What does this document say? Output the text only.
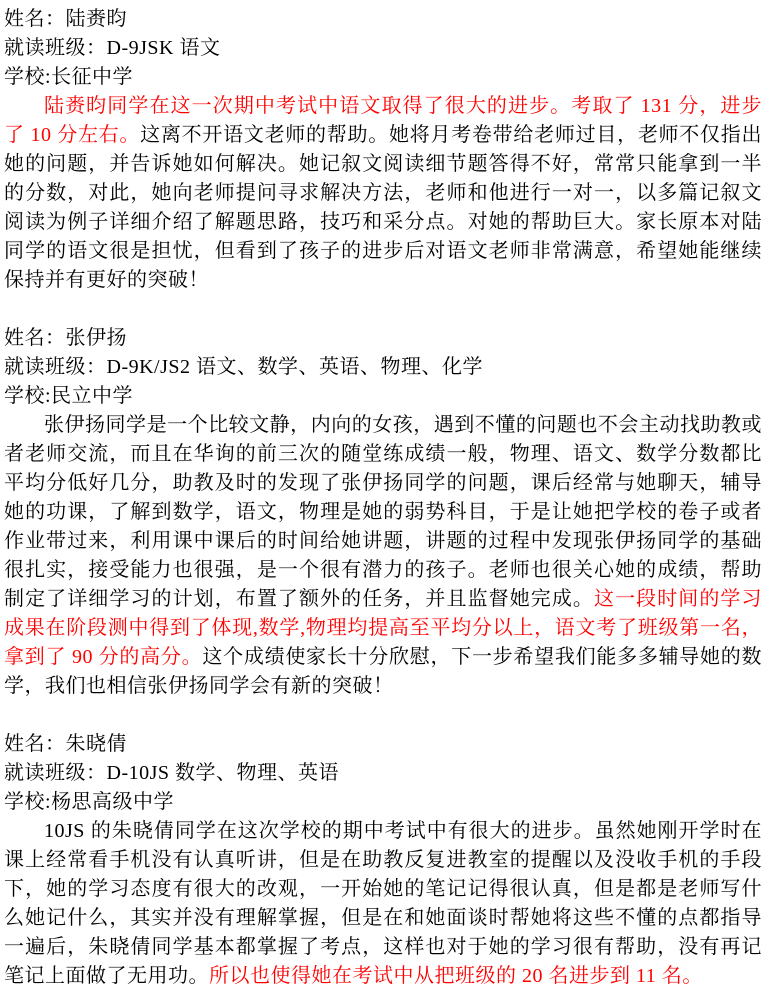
姓名：陆赉昀
就读班级：D-9JSK 语文
学校:长征中学

陆赉昀同学在这一次期中考试中语文取得了很大的进步。考取了 131 分，进步了 10 分左右。这离不开语文老师的帮助。她将月考卷带给老师过目，老师不仅指出她的问题，并告诉她如何解决。她记叙文阅读细节题答得不好，常常只能拿到一半的分数，对此，她向老师提问寻求解决方法，老师和他进行一对一，以多篇记叙文阅读为例子详细介绍了解题思路，技巧和采分点。对她的帮助巨大。家长原本对陆同学的语文很是担忧，但看到了孩子的进步后对语文老师非常满意，希望她能继续保持并有更好的突破！

姓名：张伊扬
就读班级：D-9K/JS2 语文、数学、英语、物理、化学
学校:民立中学

张伊扬同学是一个比较文静，内向的女孩，遇到不懂的问题也不会主动找助教或者老师交流，而且在华询的前三次的随堂练成绩一般，物理、语文、数学分数都比平均分低好几分，助教及时的发现了张伊扬同学的问题，课后经常与她聊天，辅导她的功课，了解到数学，语文，物理是她的弱势科目，于是让她把学校的卷子或者作业带过来，利用课中课后的时间给她讲题，讲题的过程中发现张伊扬同学的基础很扎实，接受能力也很强，是一个很有潜力的孩子。老师也很关心她的成绩，帮助制定了详细学习的计划，布置了额外的任务，并且监督她完成。这一段时间的学习成果在阶段测中得到了体现,数学,物理均提高至平均分以上，语文考了班级第一名，拿到了 90 分的高分。这个成绩使家长十分欣慰，下一步希望我们能多多辅导她的数学，我们也相信张伊扬同学会有新的突破！

姓名：朱晓倩
就读班级：D-10JS 数学、物理、英语
学校:杨思高级中学

10JS 的朱晓倩同学在这次学校的期中考试中有很大的进步。虽然她刚开学时在课上经常看手机没有认真听讲，但是在助教反复进教室的提醒以及没收手机的手段下，她的学习态度有很大的改观，一开始她的笔记记得很认真，但是都是老师写什么她记什么，其实并没有理解掌握，但是在和她面谈时帮她将这些不懂的点都指导一遍后，朱晓倩同学基本都掌握了考点，这样也对于她的学习很有帮助，没有再记笔记上面做了无用功。所以也使得她在考试中从把班级的 20 名进步到 11 名。
